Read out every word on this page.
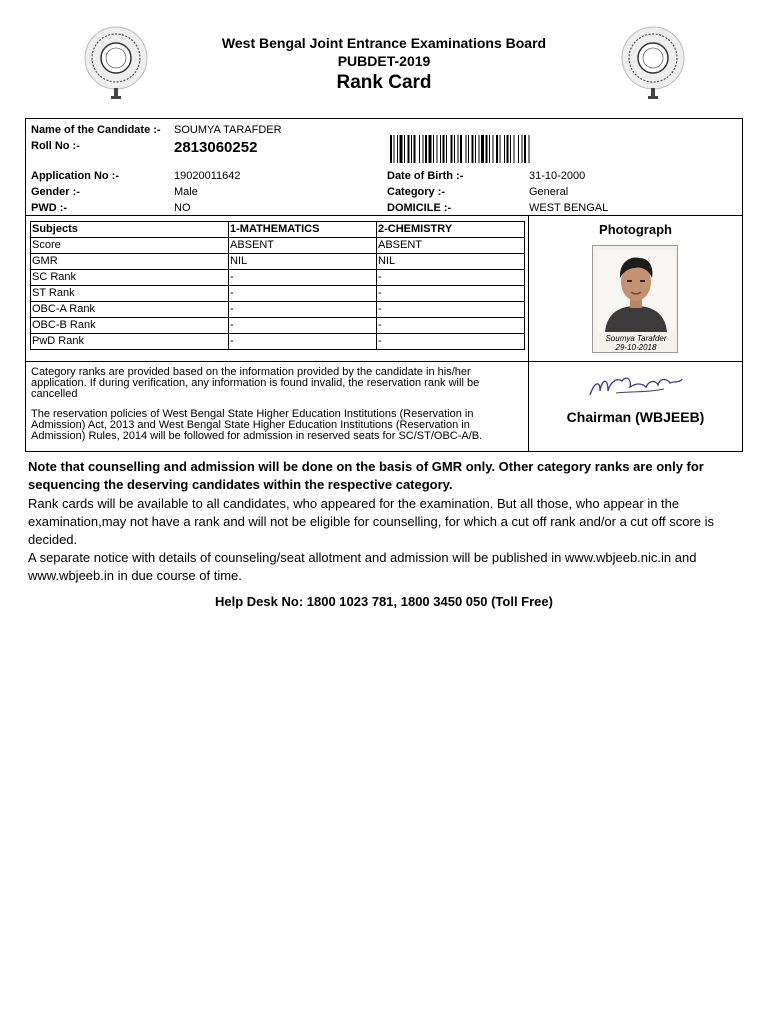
West Bengal Joint Entrance Examinations Board
PUBDET-2019
Rank Card
Name of the Candidate :- SOUMYA TARAFDER
Roll No :-	2813060252
Application No :-	19020011642
Gender :-	Male
PWD :-	NO
Date of Birth :-	31-10-2000
Category :-	General
DOMICILE :-	WEST BENGAL
Subjects	1-MATHEMATICS	2-CHEMISTRY
Score	ABSENT	ABSENT
GMR	NIL	NIL
SC Rank	-	-
ST Rank	-	-
OBC-A Rank	-	-
OBC-B Rank	-	-
PwD Rank	-	-
Photograph
Soumya Tarafder
29-10-2018
Category ranks are provided based on the information provided by the candidate in his/her application. If during verification, any information is found invalid, the reservation rank will be cancelled
The reservation policies of West Bengal State Higher Education Institutions (Reservation in Admission) Act, 2013 and West Bengal State Higher Education Institutions (Reservation in Admission) Rules, 2014 will be followed for admission in reserved seats for SC/ST/OBC-A/B.
Chairman (WBJEEB)
Note that counselling and admission will be done on the basis of GMR only. Other category ranks are only for sequencing the deserving candidates within the respective category.
Rank cards will be available to all candidates, who appeared for the examination. But all those, who appear in the examination,may not have a rank and will not be eligible for counselling, for which a cut off rank and/or a cut off score is decided.
A separate notice with details of counseling/seat allotment and admission will be published in www.wbjeeb.nic.in and www.wbjeeb.in in due course of time.
Help Desk No: 1800 1023 781, 1800 3450 050 (Toll Free)
